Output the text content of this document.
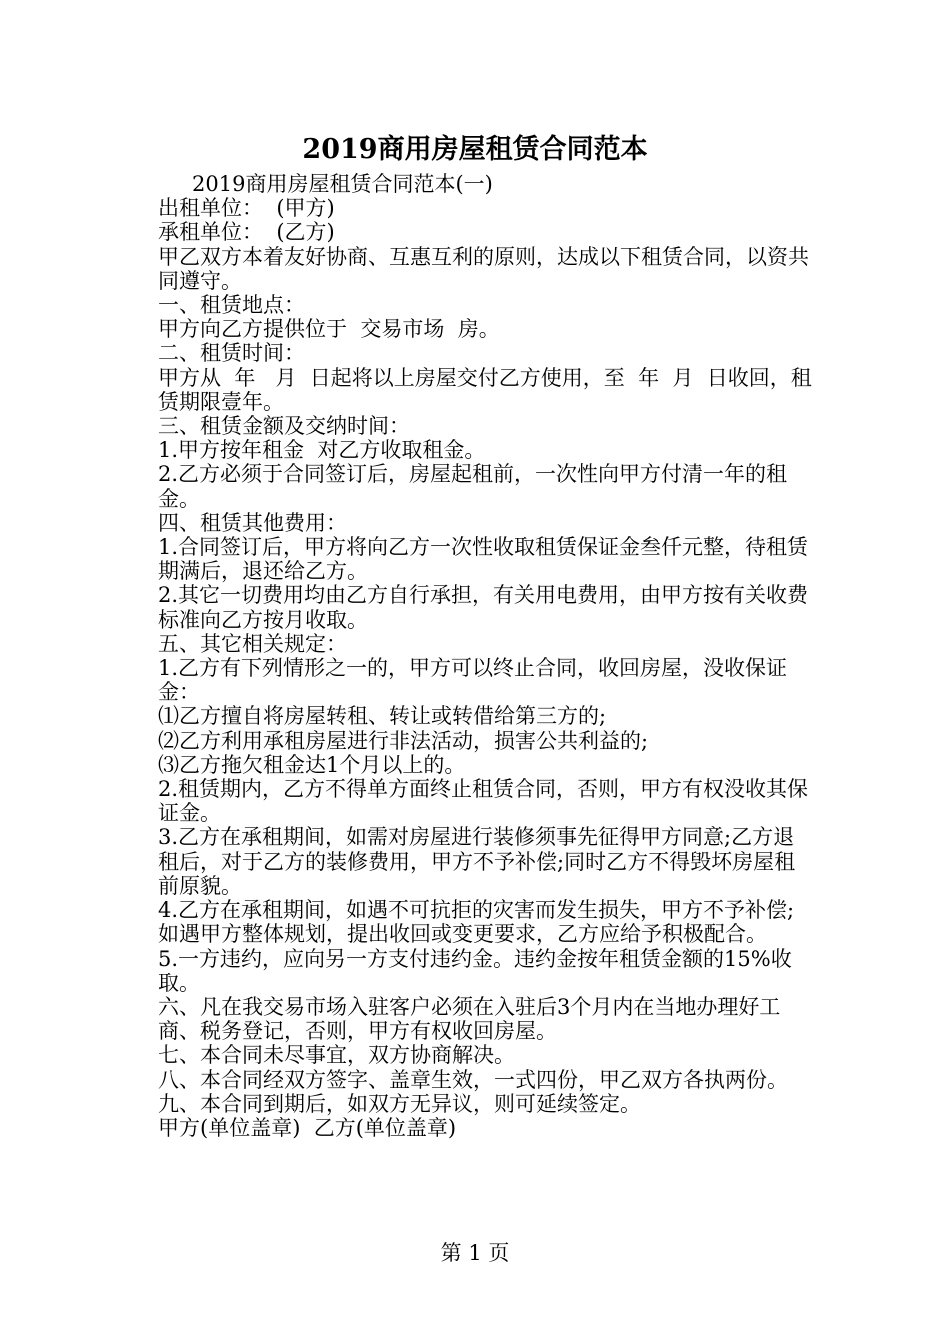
2019商用房屋租赁合同范本

2019商用房屋租赁合同范本(一)

出租单位：  (甲方)

承租单位：  (乙方)

甲乙双方本着友好协商、互惠互利的原则，达成以下租赁合同，以资共同遵守。

一、租赁地点：

甲方向乙方提供位于  交易市场  房。

二、租赁时间：

甲方从  年   月  日起将以上房屋交付乙方使用，至  年  月  日收回，租赁期限壹年。

三、租赁金额及交纳时间：

1.甲方按年租金  对乙方收取租金。

2.乙方必须于合同签订后，房屋起租前，一次性向甲方付清一年的租金。

四、租赁其他费用：

1.合同签订后，甲方将向乙方一次性收取租赁保证金叁仟元整，待租赁期满后，退还给乙方。

2.其它一切费用均由乙方自行承担，有关用电费用，由甲方按有关收费标准向乙方按月收取。

五、其它相关规定：

1.乙方有下列情形之一的，甲方可以终止合同，收回房屋，没收保证金：

⑴乙方擅自将房屋转租、转让或转借给第三方的;

⑵乙方利用承租房屋进行非法活动，损害公共利益的;

⑶乙方拖欠租金达1个月以上的。

2.租赁期内，乙方不得单方面终止租赁合同，否则，甲方有权没收其保证金。

3.乙方在承租期间，如需对房屋进行装修须事先征得甲方同意;乙方退租后，对于乙方的装修费用，甲方不予补偿;同时乙方不得毁坏房屋租前原貌。

4.乙方在承租期间，如遇不可抗拒的灾害而发生损失，甲方不予补偿;如遇甲方整体规划，提出收回或变更要求，乙方应给予积极配合。

5.一方违约，应向另一方支付违约金。违约金按年租赁金额的15%收取。

六、凡在我交易市场入驻客户必须在入驻后3个月内在当地办理好工商、税务登记，否则，甲方有权收回房屋。

七、本合同未尽事宜，双方协商解决。

八、本合同经双方签字、盖章生效，一式四份，甲乙双方各执两份。

九、本合同到期后，如双方无异议，则可延续签定。

甲方(单位盖章)  乙方(单位盖章)

第 1 页
